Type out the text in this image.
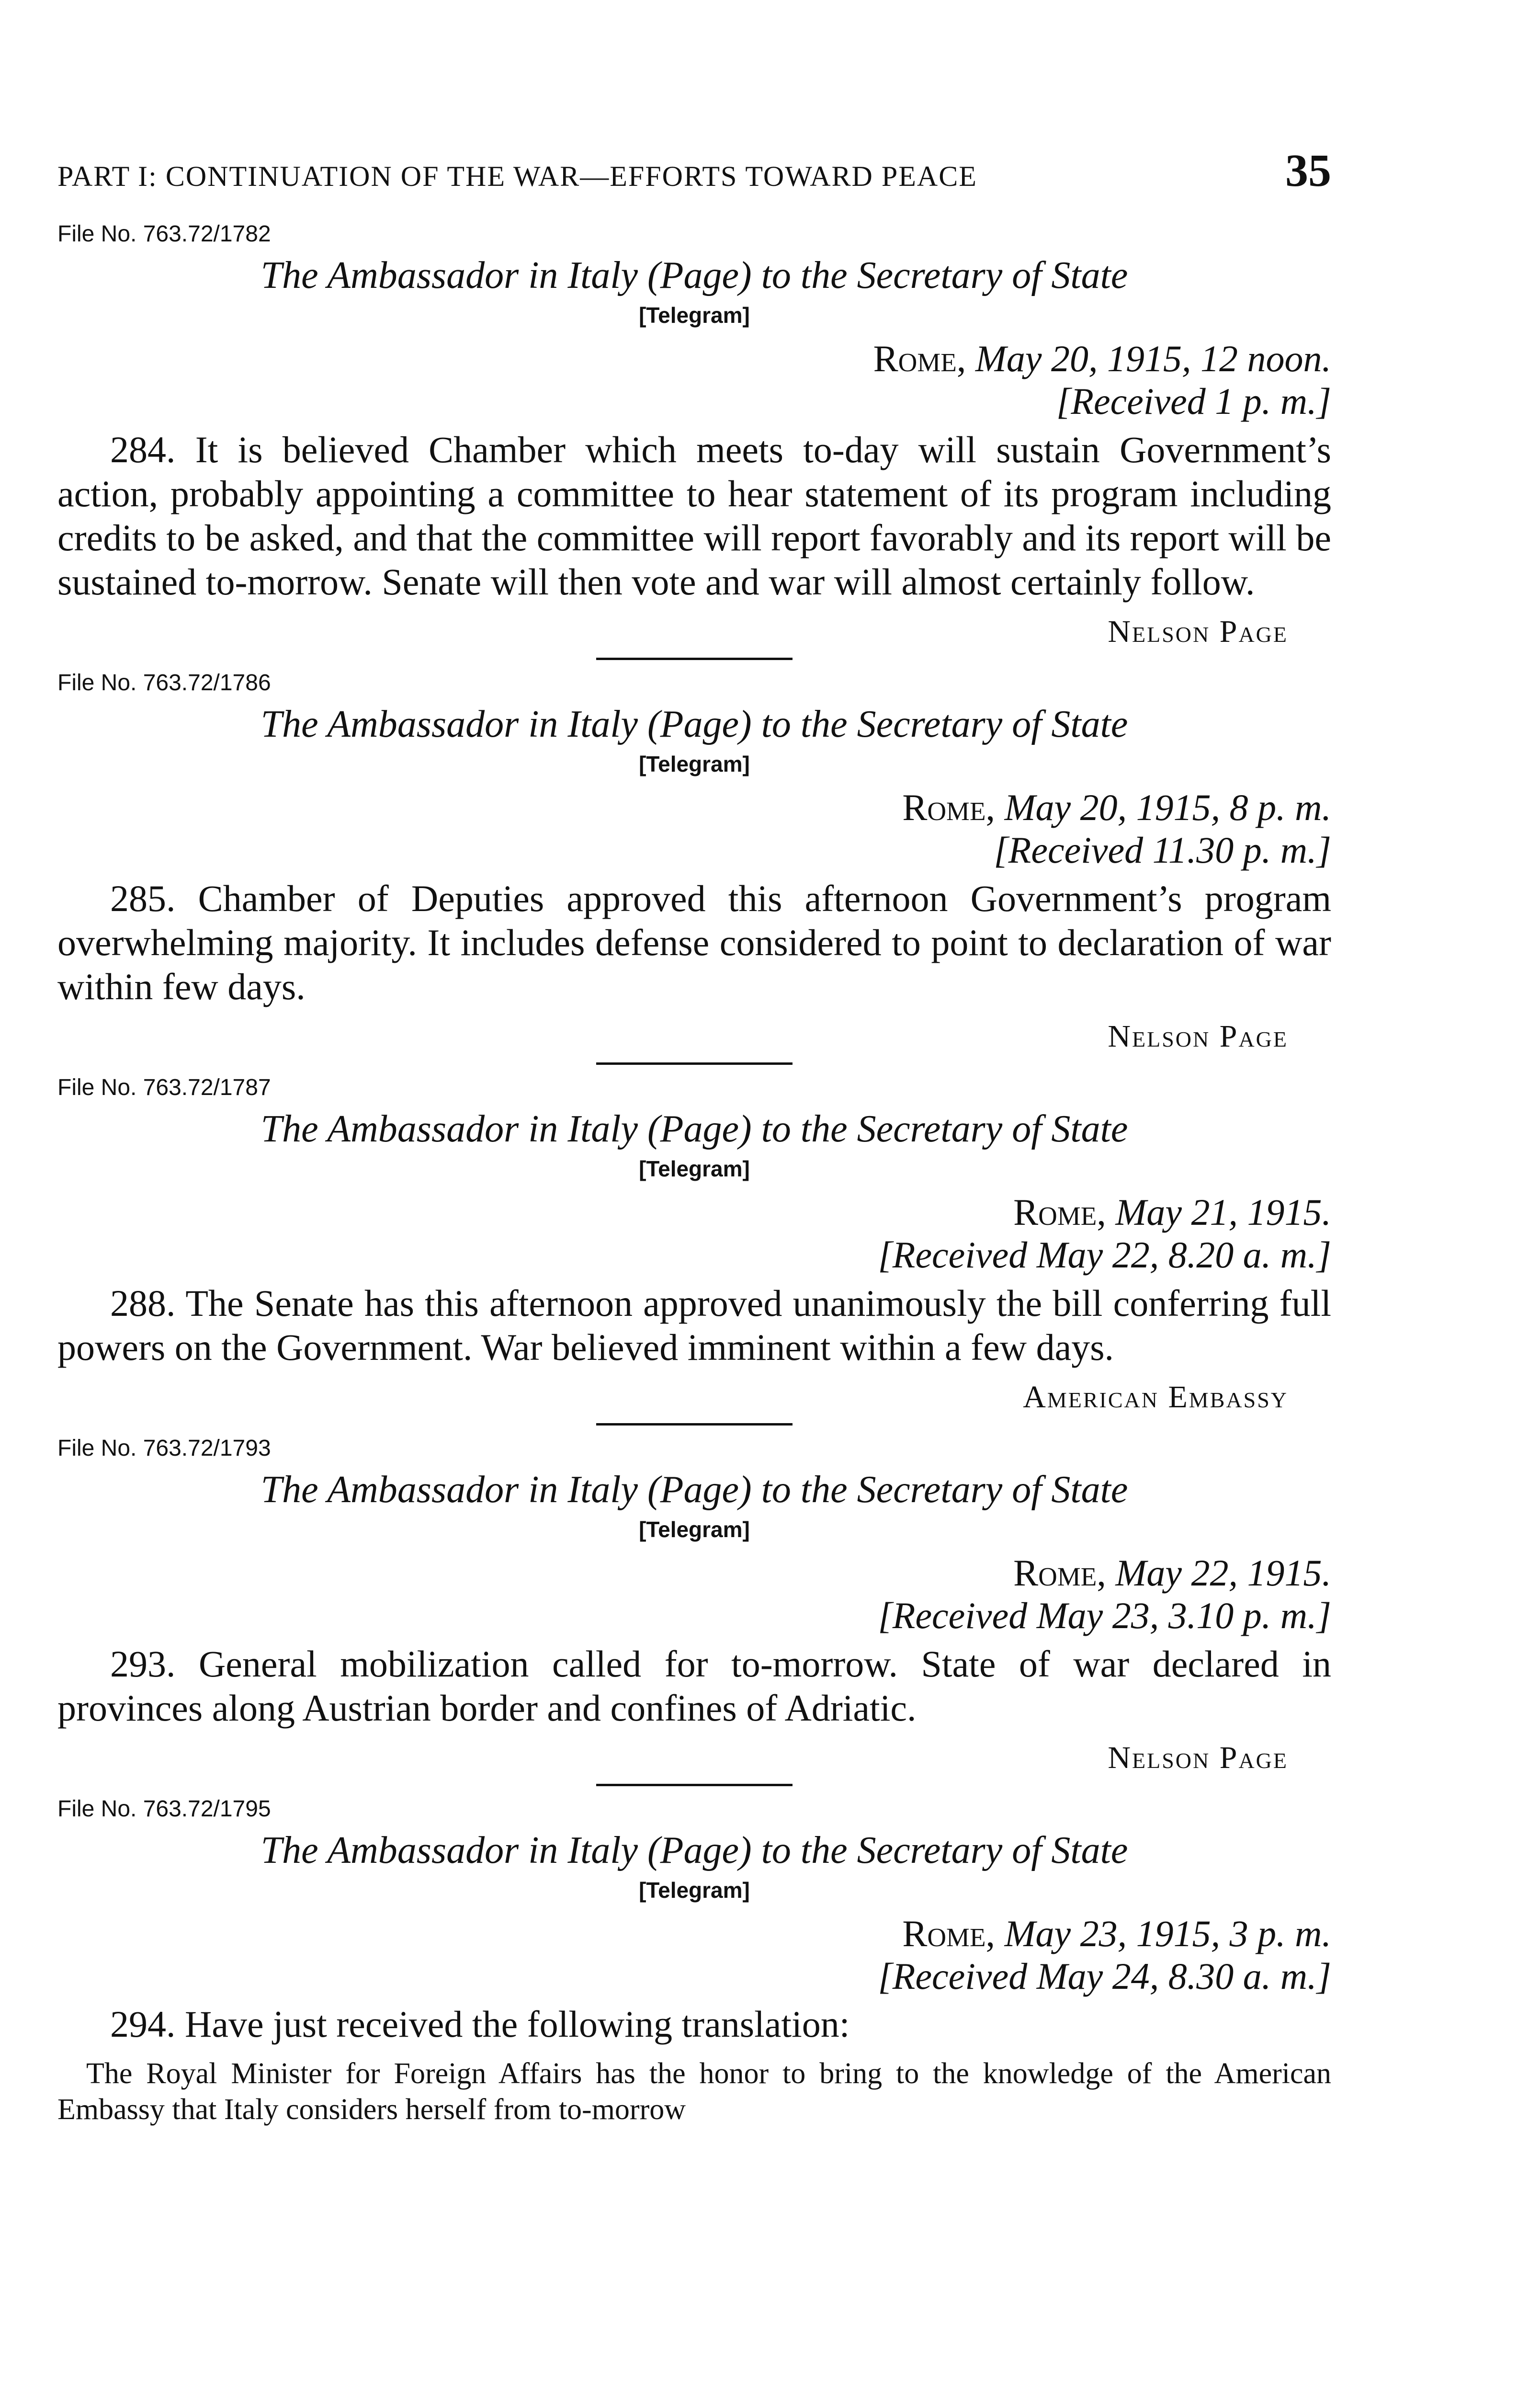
PART I: CONTINUATION OF THE WAR—EFFORTS TOWARD PEACE	35

File No. 763.72/1782

The Ambassador in Italy (Page) to the Secretary of State
[Telegram]
Rome, May 20, 1915, 12 noon.
[Received 1 p. m.]

284. It is believed Chamber which meets to-day will sustain Government’s action, probably appointing a committee to hear statement of its program including credits to be asked, and that the committee will report favorably and its report will be sustained to-morrow. Senate will then vote and war will almost certainly follow.

Nelson Page

File No. 763.72/1786

The Ambassador in Italy (Page) to the Secretary of State
[Telegram]
Rome, May 20, 1915, 8 p. m.
[Received 11.30 p. m.]

285. Chamber of Deputies approved this afternoon Government’s program overwhelming majority. It includes defense considered to point to declaration of war within few days.

Nelson Page

File No. 763.72/1787

The Ambassador in Italy (Page) to the Secretary of State
[Telegram]
Rome, May 21, 1915.
[Received May 22, 8.20 a. m.]

288. The Senate has this afternoon approved unanimously the bill conferring full powers on the Government. War believed imminent within a few days.

American Embassy

File No. 763.72/1793

The Ambassador in Italy (Page) to the Secretary of State
[Telegram]
Rome, May 22, 1915.
[Received May 23, 3.10 p. m.]

293. General mobilization called for to-morrow. State of war declared in provinces along Austrian border and confines of Adriatic.

Nelson Page

File No. 763.72/1795

The Ambassador in Italy (Page) to the Secretary of State
[Telegram]
Rome, May 23, 1915, 3 p. m.
[Received May 24, 8.30 a. m.]

294. Have just received the following translation:

The Royal Minister for Foreign Affairs has the honor to bring to the knowledge of the American Embassy that Italy considers herself from to-morrow
